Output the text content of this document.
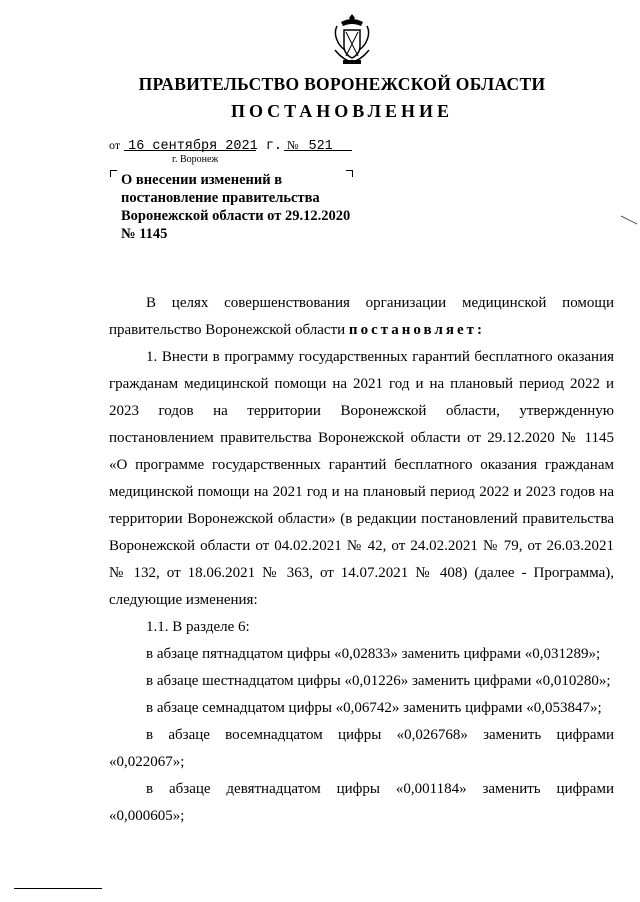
ПРАВИТЕЛЬСТВО ВОРОНЕЖСКОЙ ОБЛАСТИ
ПОСТАНОВЛЕНИЕ
от 16 сентября 2021 г. № 521
г. Воронеж
О внесении изменений в постановление правительства Воронежской области от 29.12.2020 № 1145

В целях совершенствования организации медицинской помощи правительство Воронежской области постановляет:

1. Внести в программу государственных гарантий бесплатного оказания гражданам медицинской помощи на 2021 год и на плановый период 2022 и 2023 годов на территории Воронежской области, утвержденную постановлением правительства Воронежской области от 29.12.2020 № 1145 «О программе государственных гарантий бесплатного оказания гражданам медицинской помощи на 2021 год и на плановый период 2022 и 2023 годов на территории Воронежской области» (в редакции постановлений правительства Воронежской области от 04.02.2021 № 42, от 24.02.2021 № 79, от 26.03.2021 № 132, от 18.06.2021 № 363, от 14.07.2021 № 408) (далее - Программа), следующие изменения:

1.1. В разделе 6:

в абзаце пятнадцатом цифры «0,02833» заменить цифрами «0,031289»;

в абзаце шестнадцатом цифры «0,01226» заменить цифрами «0,010280»;

в абзаце семнадцатом цифры «0,06742» заменить цифрами «0,053847»;

в абзаце восемнадцатом цифры «0,026768» заменить цифрами «0,022067»;

в абзаце девятнадцатом цифры «0,001184» заменить цифрами «0,000605»;
